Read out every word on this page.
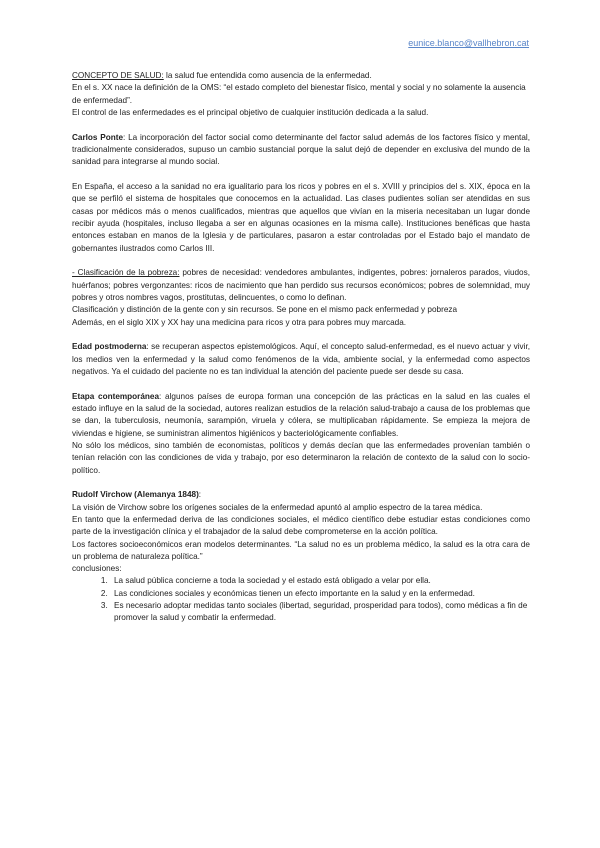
eunice.blanco@vallhebron.cat

CONCEPTO DE SALUD: la salud fue entendida como ausencia de la enfermedad.

En el s. XX nace la definición de la OMS: “el estado completo del bienestar físico, mental y social y no solamente la ausencia de enfermedad”.

El control de las enfermedades es el principal objetivo de cualquier institución dedicada a la salud.

Carlos Ponte: La incorporación del factor social como determinante del factor salud además de los factores físico y mental, tradicionalmente considerados, supuso un cambio sustancial porque la salut dejó de depender en exclusiva del mundo de la sanidad para integrarse al mundo social.

En España, el acceso a la sanidad no era igualitario para los ricos y pobres en el s. XVIII y principios del s. XIX, época en la que se perfiló el sistema de hospitales que conocemos en la actualidad. Las clases pudientes solían ser atendidas en sus casas por médicos más o menos cualificados, mientras que aquellos que vivían en la miseria necesitaban un lugar donde recibir ayuda (hospitales, incluso llegaba a ser en algunas ocasiones en la misma calle). Instituciones benéficas que hasta entonces estaban en manos de la Iglesia y de particulares, pasaron a estar controladas por el Estado bajo el mandato de gobernantes ilustrados como Carlos III.

- Clasificación de la pobreza: pobres de necesidad: vendedores ambulantes, indigentes, pobres: jornaleros parados, viudos, huérfanos; pobres vergonzantes: ricos de nacimiento que han perdido sus recursos económicos; pobres de solemnidad, muy pobres y otros nombres vagos, prostitutas, delincuentes, o como lo definan.

Clasificación y distinción de la gente con y sin recursos. Se pone en el mismo pack enfermedad y pobreza

Además, en el siglo XIX y XX hay una medicina para ricos y otra para pobres muy marcada.

Edad postmoderna: se recuperan aspectos epistemológicos. Aquí, el concepto salud-enfermedad, es el nuevo actuar y vivir, los medios ven la enfermedad y la salud como fenómenos de la vida, ambiente social, y la enfermedad como aspectos negativos. Ya el cuidado del paciente no es tan individual la atención del paciente puede ser desde su casa.

Etapa contemporánea: algunos países de europa forman una concepción de las prácticas en la salud en las cuales el estado influye en la salud de la sociedad, autores realizan estudios de la relación salud-trabajo a causa de los problemas que se dan, la tuberculosis, neumonía, sarampión, viruela y cólera, se multiplicaban rápidamente. Se empieza la mejora de viviendas e higiene, se suministran alimentos higiénicos y bacteriológicamente confiables.

No sólo los médicos, sino también de economistas, políticos y demás decían que las enfermedades provenían también o tenían relación con las condiciones de vida y trabajo, por eso determinaron la relación de contexto de la salud con lo socio-político.

Rudolf Virchow (Alemanya 1848):

La visión de Virchow sobre los orígenes sociales de la enfermedad apuntó al amplio espectro de la tarea médica.

En tanto que la enfermedad deriva de las condiciones sociales, el médico científico debe estudiar estas condiciones como parte de la investigación clínica y el trabajador de la salud debe comprometerse en la acción política.

Los factores socioeconómicos eran modelos determinantes. “La salud no es un problema médico, la salud es la otra cara de un problema de naturaleza política.”

conclusiones:

1. La salud pública concierne a toda la sociedad y el estado está obligado a velar por ella.
2. Las condiciones sociales y económicas tienen un efecto importante en la salud y en la enfermedad.
3. Es necesario adoptar medidas tanto sociales (libertad, seguridad, prosperidad para todos), como médicas a fin de promover la salud y combatir la enfermedad.
